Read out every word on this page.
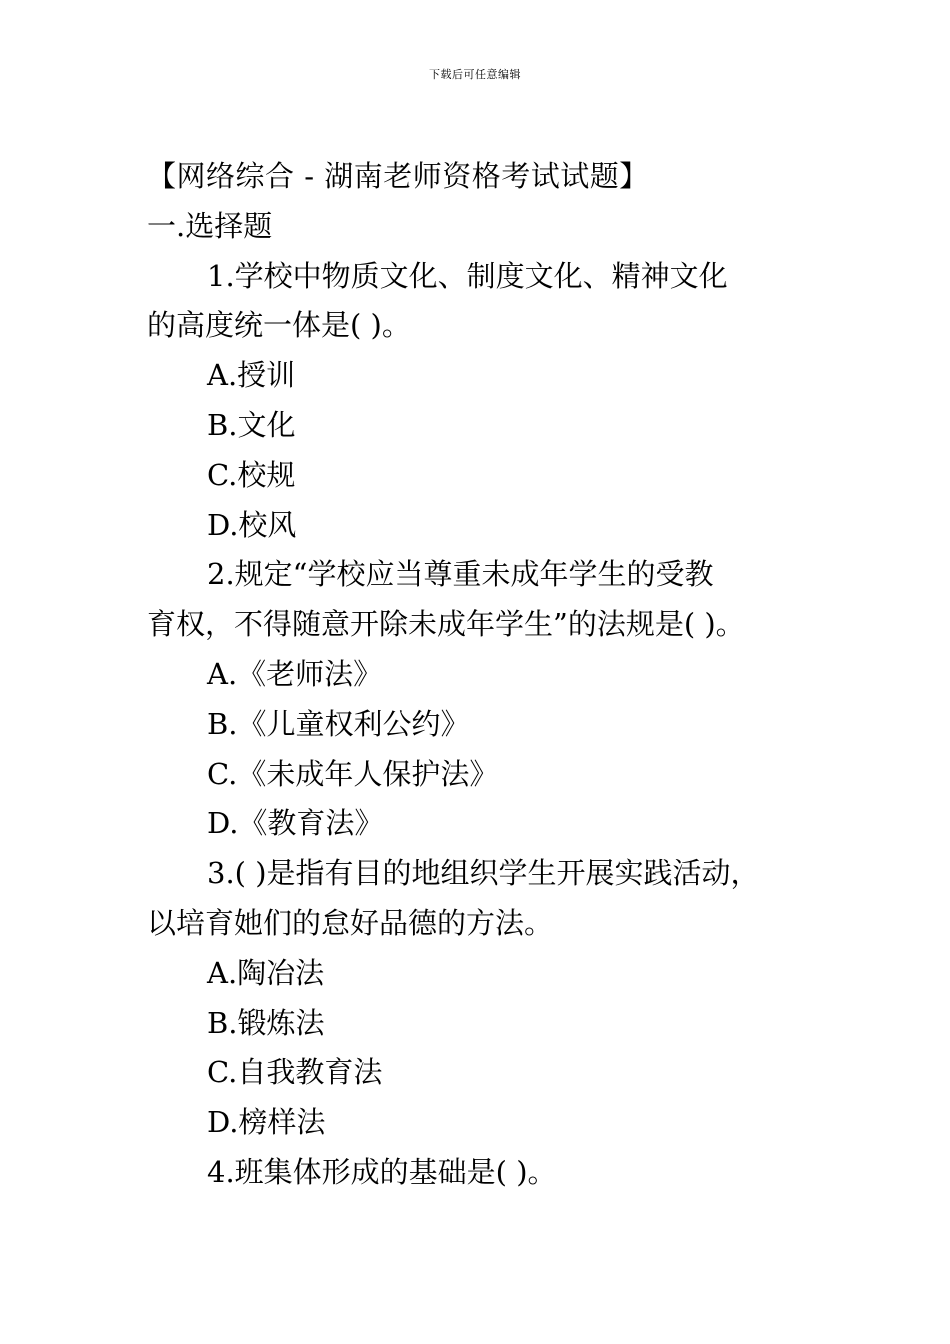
下载后可任意编辑
【网络综合 - 湖南老师资格考试试题】
一.选择题
1.学校中物质文化、制度文化、精神文化
的高度统一体是( )。
A.授训
B.文化
C.校规
D.校风
2.规定“学校应当尊重未成年学生的受教
育权，不得随意开除未成年学生”的法规是( )。
A.《老师法》
B.《儿童权利公约》
C.《未成年人保护法》
D.《教育法》
3.( )是指有目的地组织学生开展实践活动，
以培育她们的怠好品德的方法。
A.陶冶法
B.锻炼法
C.自我教育法
D.榜样法
4.班集体形成的基础是( )。
